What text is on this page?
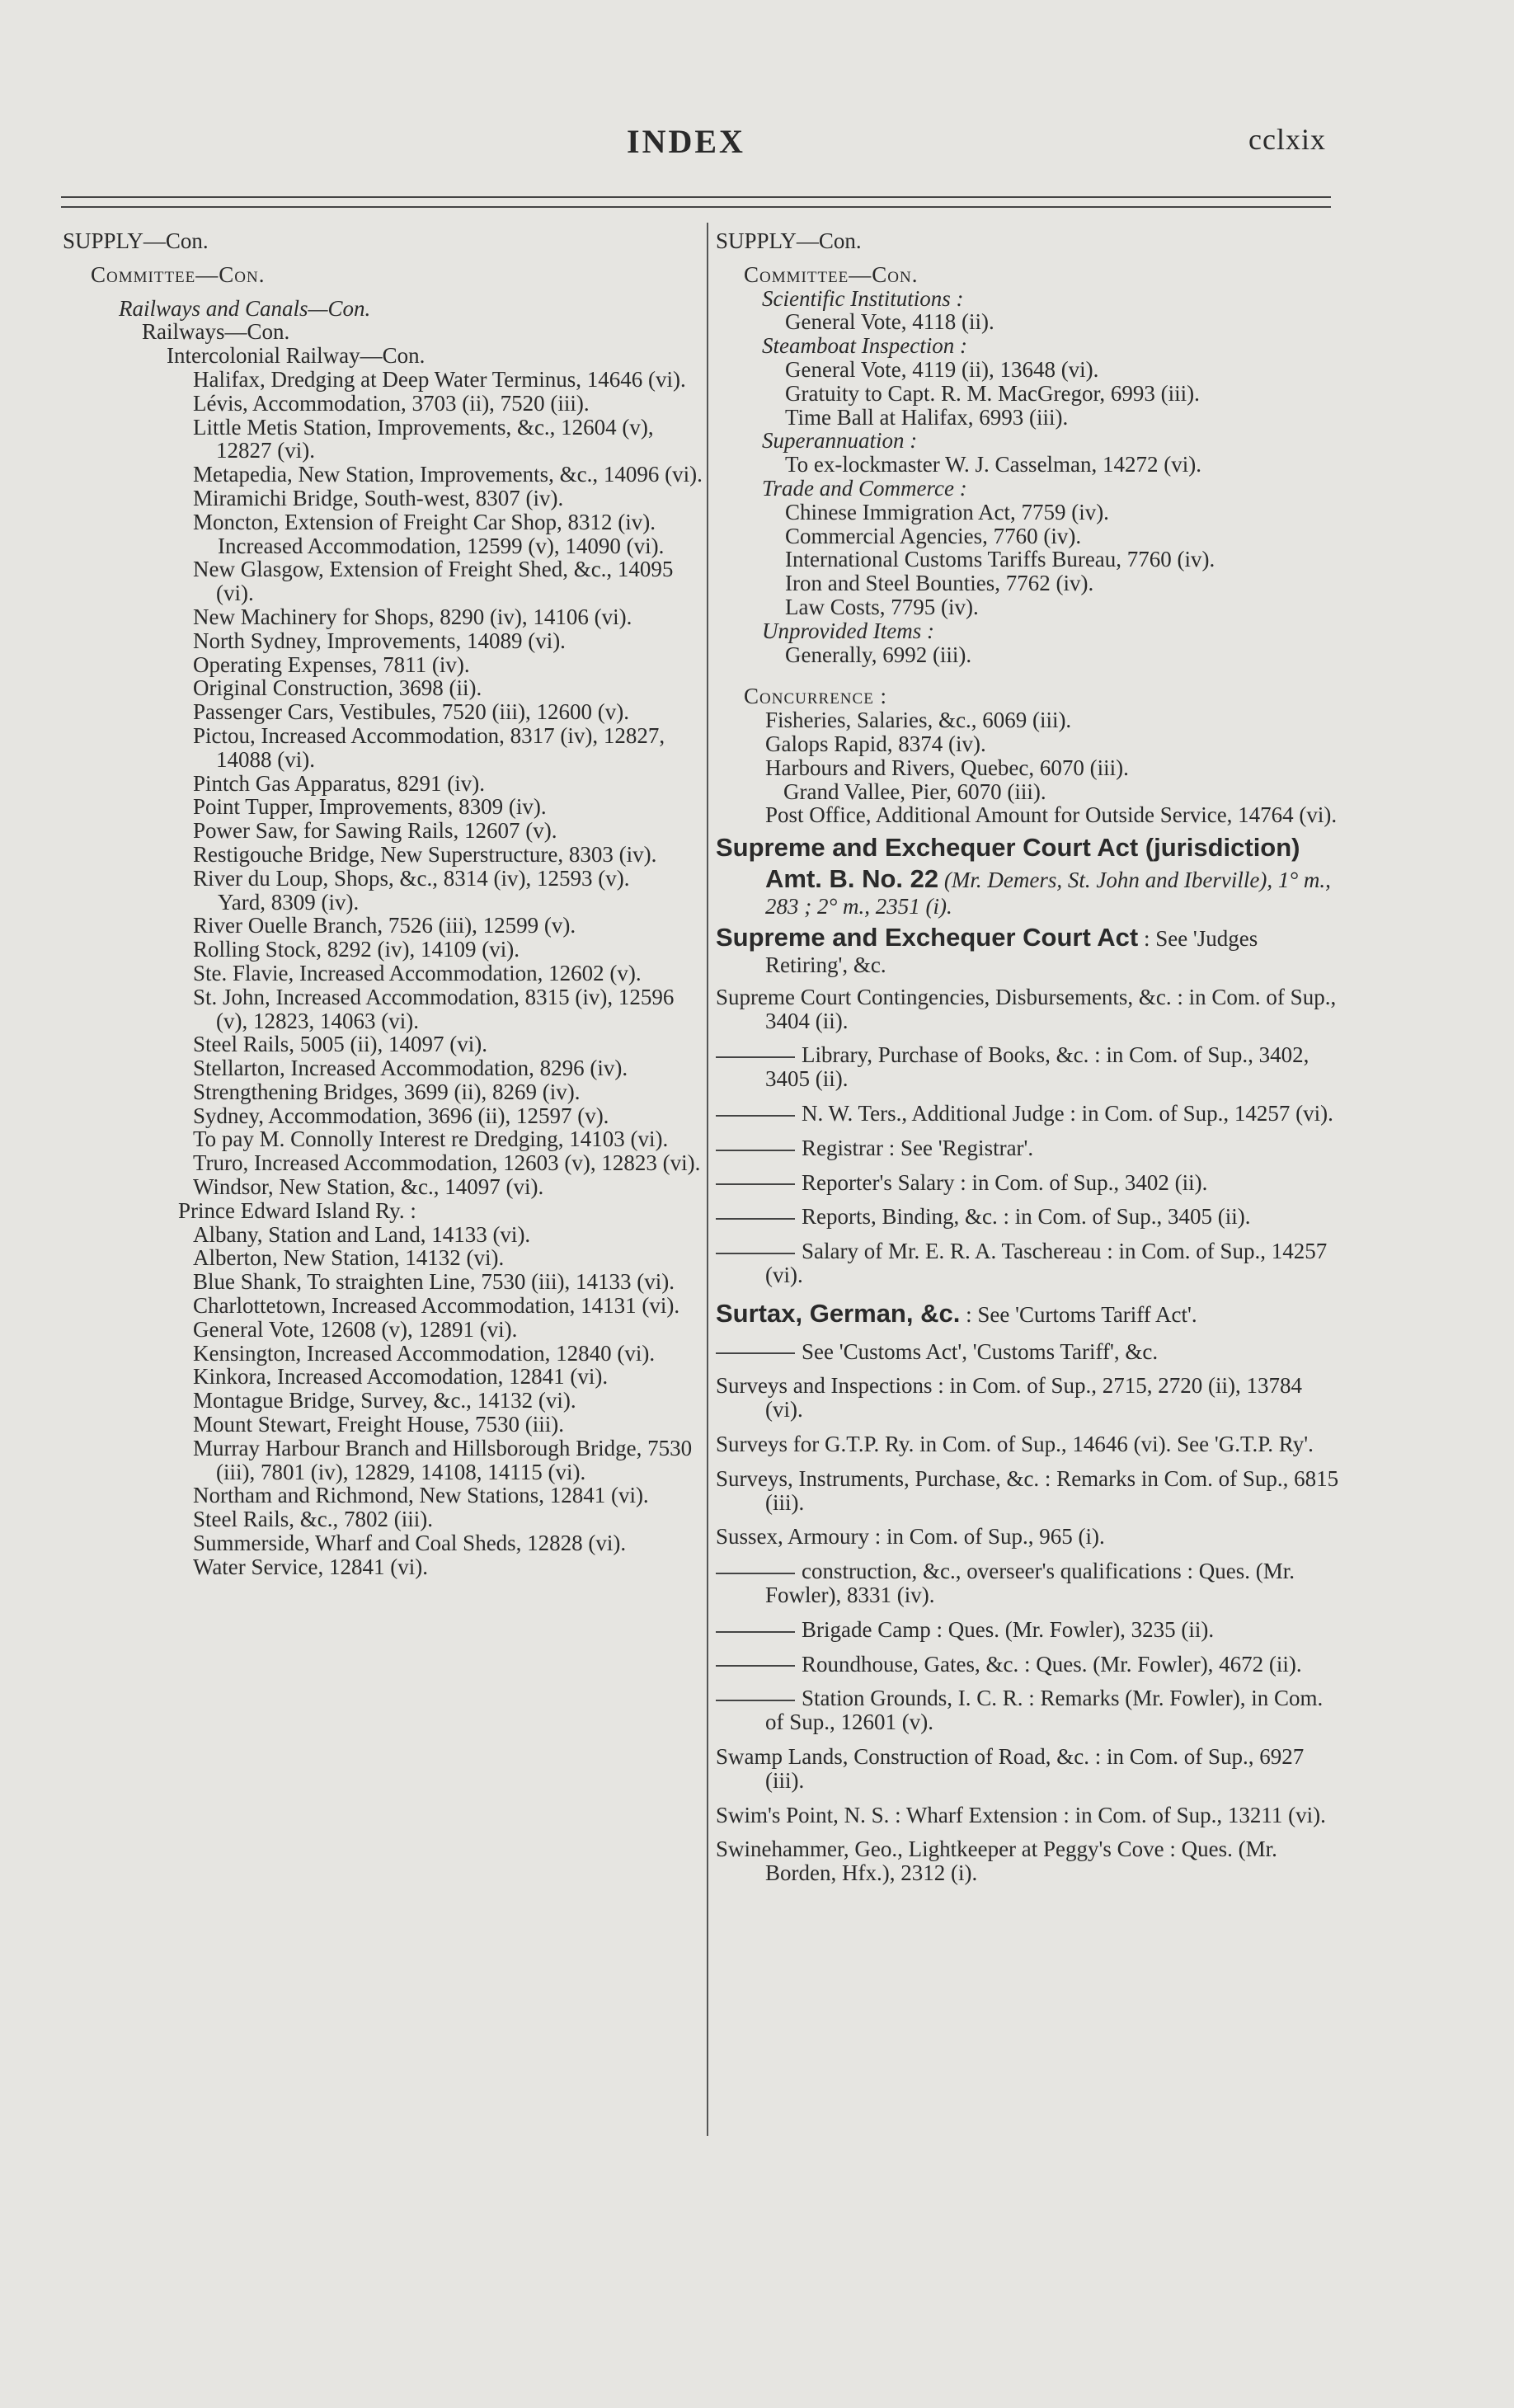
INDEX	cclxix
SUPPLY—Con.
Committee—Con.
Railways and Canals—Con.
Railways—Con.
Intercolonial Railway—Con.
Halifax, Dredging at Deep Water Terminus, 14646 (vi).
Lévis, Accommodation, 3703 (ii), 7520 (iii).
Little Metis Station, Improvements, &c., 12604 (v), 12827 (vi).
Metapedia, New Station, Improvements, &c., 14096 (vi).
Miramichi Bridge, South-west, 8307 (iv).
Moncton, Extension of Freight Car Shop, 8312 (iv).
Increased Accommodation, 12599 (v), 14090 (vi).
New Glasgow, Extension of Freight Shed, &c., 14095 (vi).
New Machinery for Shops, 8290 (iv), 14106 (vi).
North Sydney, Improvements, 14089 (vi).
Operating Expenses, 7811 (iv).
Original Construction, 3698 (ii).
Passenger Cars, Vestibules, 7520 (iii), 12600 (v).
Pictou, Increased Accommodation, 8317 (iv), 12827, 14088 (vi).
Pintch Gas Apparatus, 8291 (iv).
Point Tupper, Improvements, 8309 (iv).
Power Saw, for Sawing Rails, 12607 (v).
Restigouche Bridge, New Superstructure, 8303 (iv).
River du Loup, Shops, &c., 8314 (iv), 12593 (v).
Yard, 8309 (iv).
River Ouelle Branch, 7526 (iii), 12599 (v).
Rolling Stock, 8292 (iv), 14109 (vi).
Ste. Flavie, Increased Accommodation, 12602 (v).
St. John, Increased Accommodation, 8315 (iv), 12596 (v), 12823, 14063 (vi).
Steel Rails, 5005 (ii), 14097 (vi).
Stellarton, Increased Accommodation, 8296 (iv).
Strengthening Bridges, 3699 (ii), 8269 (iv).
Sydney, Accommodation, 3696 (ii), 12597 (v).
To pay M. Connolly Interest re Dredging, 14103 (vi).
Truro, Increased Accommodation, 12603 (v), 12823 (vi).
Windsor, New Station, &c., 14097 (vi).
Prince Edward Island Ry. :
Albany, Station and Land, 14133 (vi).
Alberton, New Station, 14132 (vi).
Blue Shank, To straighten Line, 7530 (iii), 14133 (vi).
Charlottetown, Increased Accommodation, 14131 (vi).
General Vote, 12608 (v), 12891 (vi).
Kensington, Increased Accommodation, 12840 (vi).
Kinkora, Increased Accomodation, 12841 (vi).
Montague Bridge, Survey, &c., 14132 (vi).
Mount Stewart, Freight House, 7530 (iii).
Murray Harbour Branch and Hillsborough Bridge, 7530 (iii), 7801 (iv), 12829, 14108, 14115 (vi).
Northam and Richmond, New Stations, 12841 (vi).
Steel Rails, &c., 7802 (iii).
Summerside, Wharf and Coal Sheds, 12828 (vi).
Water Service, 12841 (vi).
SUPPLY—Con.
Committee—Con.
Scientific Institutions :
General Vote, 4118 (ii).
Steamboat Inspection :
General Vote, 4119 (ii), 13648 (vi).
Gratuity to Capt. R. M. MacGregor, 6993 (iii).
Time Ball at Halifax, 6993 (iii).
Superannuation :
To ex-lockmaster W. J. Casselman, 14272 (vi).
Trade and Commerce :
Chinese Immigration Act, 7759 (iv).
Commercial Agencies, 7760 (iv).
International Customs Tariffs Bureau, 7760 (iv).
Iron and Steel Bounties, 7762 (iv).
Law Costs, 7795 (iv).
Unprovided Items :
Generally, 6992 (iii).
Concurrence :
Fisheries, Salaries, &c., 6069 (iii).
Galops Rapid, 8374 (iv).
Harbours and Rivers, Quebec, 6070 (iii).
Grand Vallee, Pier, 6070 (iii).
Post Office, Additional Amount for Outside Service, 14764 (vi).
Supreme and Exchequer Court Act (jurisdiction) Amt. B. No. 22 (Mr. Demers, St. John and Iberville), 1° m., 283 ; 2° m., 2351 (i).
Supreme and Exchequer Court Act : See 'Judges Retiring', &c.
Supreme Court Contingencies, Disbursements, &c. : in Com. of Sup., 3404 (ii).
Library, Purchase of Books, &c. : in Com. of Sup., 3402, 3405 (ii).
N. W. Ters., Additional Judge : in Com. of Sup., 14257 (vi).
Registrar : See 'Registrar'.
Reporter's Salary : in Com. of Sup., 3402 (ii).
Reports, Binding, &c. : in Com. of Sup., 3405 (ii).
Salary of Mr. E. R. A. Taschereau : in Com. of Sup., 14257 (vi).
Surtax, German, &c. : See 'Curtoms Tariff Act'.
See 'Customs Act', 'Customs Tariff', &c.
Surveys and Inspections : in Com. of Sup., 2715, 2720 (ii), 13784 (vi).
Surveys for G.T.P. Ry. in Com. of Sup., 14646 (vi). See 'G.T.P. Ry'.
Surveys, Instruments, Purchase, &c. : Remarks in Com. of Sup., 6815 (iii).
Sussex, Armoury : in Com. of Sup., 965 (i).
construction, &c., overseer's qualifications : Ques. (Mr. Fowler), 8331 (iv).
Brigade Camp : Ques. (Mr. Fowler), 3235 (ii).
Roundhouse, Gates, &c. : Ques. (Mr. Fowler), 4672 (ii).
Station Grounds, I. C. R. : Remarks (Mr. Fowler), in Com. of Sup., 12601 (v).
Swamp Lands, Construction of Road, &c. : in Com. of Sup., 6927 (iii).
Swim's Point, N. S. : Wharf Extension : in Com. of Sup., 13211 (vi).
Swinehammer, Geo., Lightkeeper at Peggy's Cove : Ques. (Mr. Borden, Hfx.), 2312 (i).
